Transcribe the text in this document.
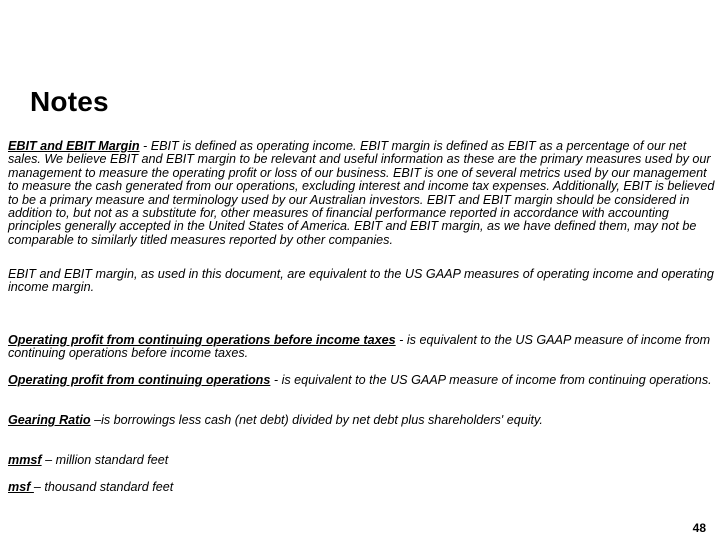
Notes

EBIT and EBIT Margin - EBIT is defined as operating income. EBIT margin is defined as EBIT as a percentage of our net sales. We believe EBIT and EBIT margin to be relevant and useful information as these are the primary measures used by our management to measure the operating profit or loss of our business. EBIT is one of several metrics used by our management to measure the cash generated from our operations, excluding interest and income tax expenses. Additionally, EBIT is believed to be a primary measure and terminology used by our Australian investors. EBIT and EBIT margin should be considered in addition to, but not as a substitute for, other measures of financial performance reported in accordance with accounting principles generally accepted in the United States of America. EBIT and EBIT margin, as we have defined them, may not be comparable to similarly titled measures reported by other companies.

EBIT and EBIT margin, as used in this document, are equivalent to the US GAAP measures of operating income and operating income margin.

Operating profit from continuing operations before income taxes - is equivalent to the US GAAP measure of income from continuing operations before income taxes.

Operating profit from continuing operations - is equivalent to the US GAAP measure of income from continuing operations.

Gearing Ratio –is borrowings less cash (net debt) divided by net debt plus shareholders' equity.

mmsf – million standard feet

msf – thousand standard feet

48
